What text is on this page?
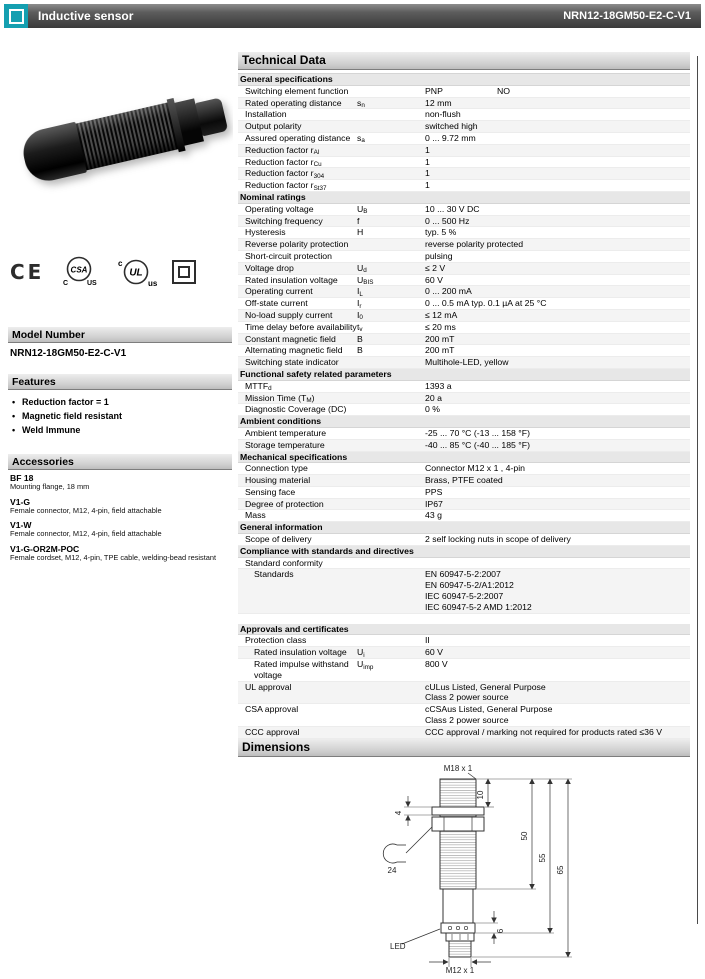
Inductive sensor	NRN12-18GM50-E2-C-V1
CE	CSA
C	US
c
UL
us
Model Number
NRN12-18GM50-E2-C-V1
Features
• Reduction factor = 1
• Magnetic field resistant
• Weld Immune
Accessories
BF 18
Mounting flange, 18 mm
V1-G
Female connector, M12, 4-pin, field attachable
V1-W
Female connector, M12, 4-pin, field attachable
V1-G-OR2M-POC
Female cordset, M12, 4-pin, TPE cable, welding-bead resistant
Technical Data
General specifications
Switching element function	PNP	NO
Rated operating distance	$s_n$	12 mm
Installation	non-flush
Output polarity	switched high
Assured operating distance $s_a$	0 ... 9.72 mm
Reduction factor $r_{Al}$	1
Reduction factor $r_{Cu}$	1
Reduction factor $r_{304}$	1
Reduction factor $r_{St37}$	1
Nominal ratings
Operating voltage	$U_B$	10 ... 30 V DC
Switching frequency	f	0 ... 500 Hz
Hysteresis	H	typ. 5 %
Reverse polarity protection	reverse polarity protected
Short-circuit protection	pulsing
Voltage drop	$U_d$	≤ 2 V
Rated insulation voltage	$U_{BIS}$	60 V
Operating current	$I_L$	0 ... 200 mA
Off-state current	$I_r$	0 ... 0.5 mA typ. 0.1 µA at 25 °C
No-load supply current	$I_0$	≤ 12 mA
Time delay before availability $t_v$	≤ 20 ms
Constant magnetic field	B	200 mT
Alternating magnetic field	B	200 mT
Switching state indicator	Multihole-LED, yellow
Functional safety related parameters
$MTTF_d$	1393 a
Mission Time $(T_M)$	20 a
Diagnostic Coverage (DC)	0 %
Ambient conditions
Ambient temperature	-25 ... 70 °C (-13 ... 158 °F)
Storage temperature	-40 ... 85 °C (-40 ... 185 °F)
Mechanical specifications
Connection type	Connector M12 x 1 , 4-pin
Housing material	Brass, PTFE coated
Sensing face	PPS
Degree of protection	IP67
Mass	43 g
General information
Scope of delivery	2 self locking nuts in scope of delivery
Compliance with standards and directives
Standard conformity
Standards	EN 60947-5-2:2007
EN 60947-5-2/A1:2012
IEC 60947-5-2:2007
IEC 60947-5-2 AMD 1:2012
Approvals and certificates
Protection class	II
Rated insulation voltage	$U_i$	60 V
Rated impulse withstand voltage
$U_{imp}$	800 V
UL approval	cULus Listed, General Purpose
Class 2 power source
CSA approval	cCSAus Listed, General Purpose
Class 2 power source
CCC approval	CCC approval / marking not required for products rated ≤36 V
Dimensions
M18 x 1
10
4
24
50
55
65
LED
6
M12 x 1
